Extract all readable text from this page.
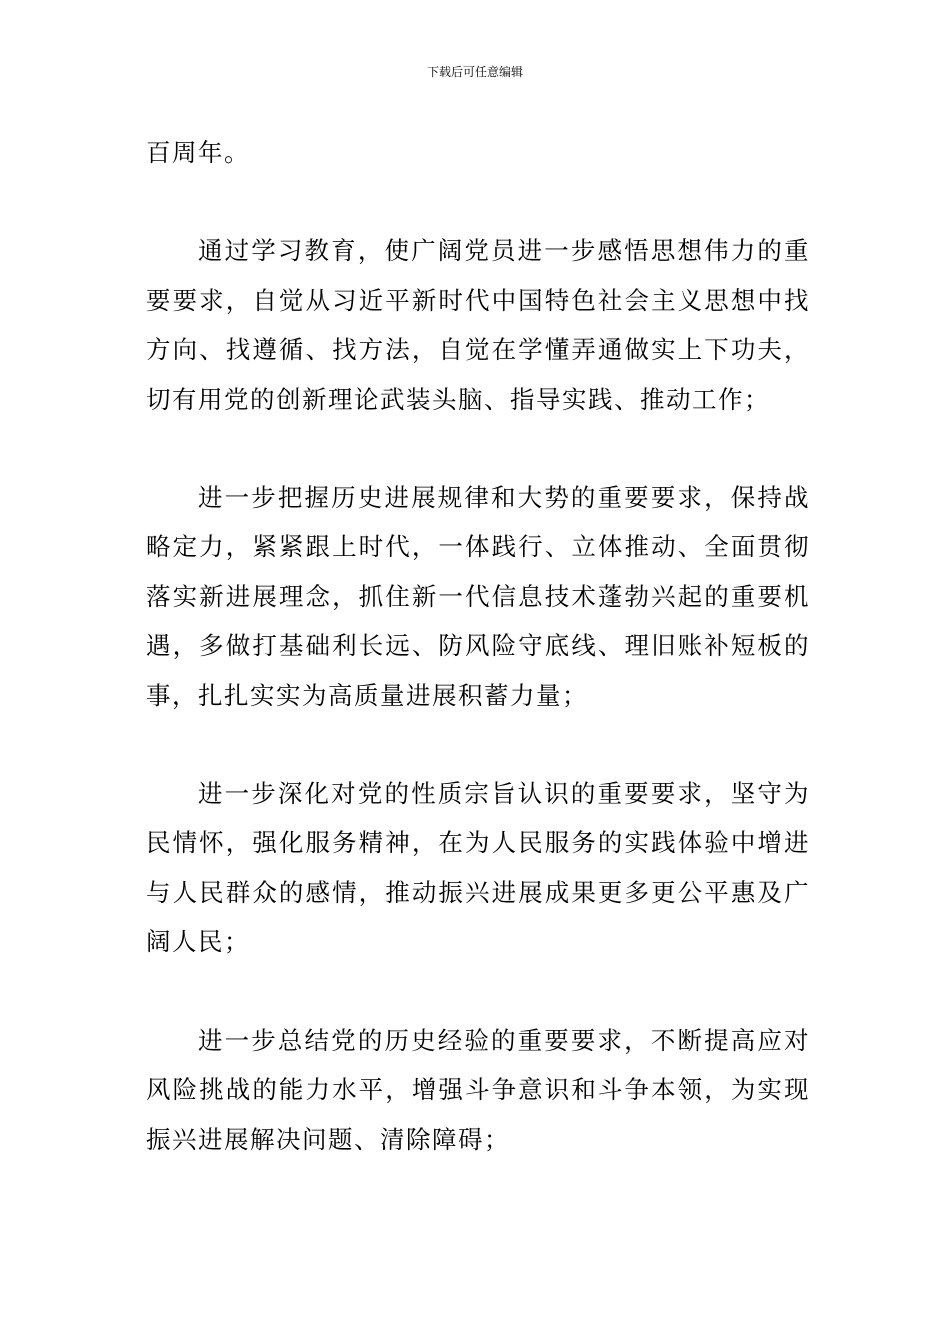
下载后可任意编辑

百周年。

通过学习教育，使广阔党员进一步感悟思想伟力的重要要求，自觉从习近平新时代中国特色社会主义思想中找方向、找遵循、找方法，自觉在学懂弄通做实上下功夫，切有用党的创新理论武装头脑、指导实践、推动工作；

进一步把握历史进展规律和大势的重要要求，保持战略定力，紧紧跟上时代，一体践行、立体推动、全面贯彻落实新进展理念，抓住新一代信息技术蓬勃兴起的重要机遇，多做打基础利长远、防风险守底线、理旧账补短板的事，扎扎实实为高质量进展积蓄力量；

进一步深化对党的性质宗旨认识的重要要求，坚守为民情怀，强化服务精神，在为人民服务的实践体验中增进与人民群众的感情，推动振兴进展成果更多更公平惠及广阔人民；

进一步总结党的历史经验的重要要求，不断提高应对风险挑战的能力水平，增强斗争意识和斗争本领，为实现振兴进展解决问题、清除障碍；
